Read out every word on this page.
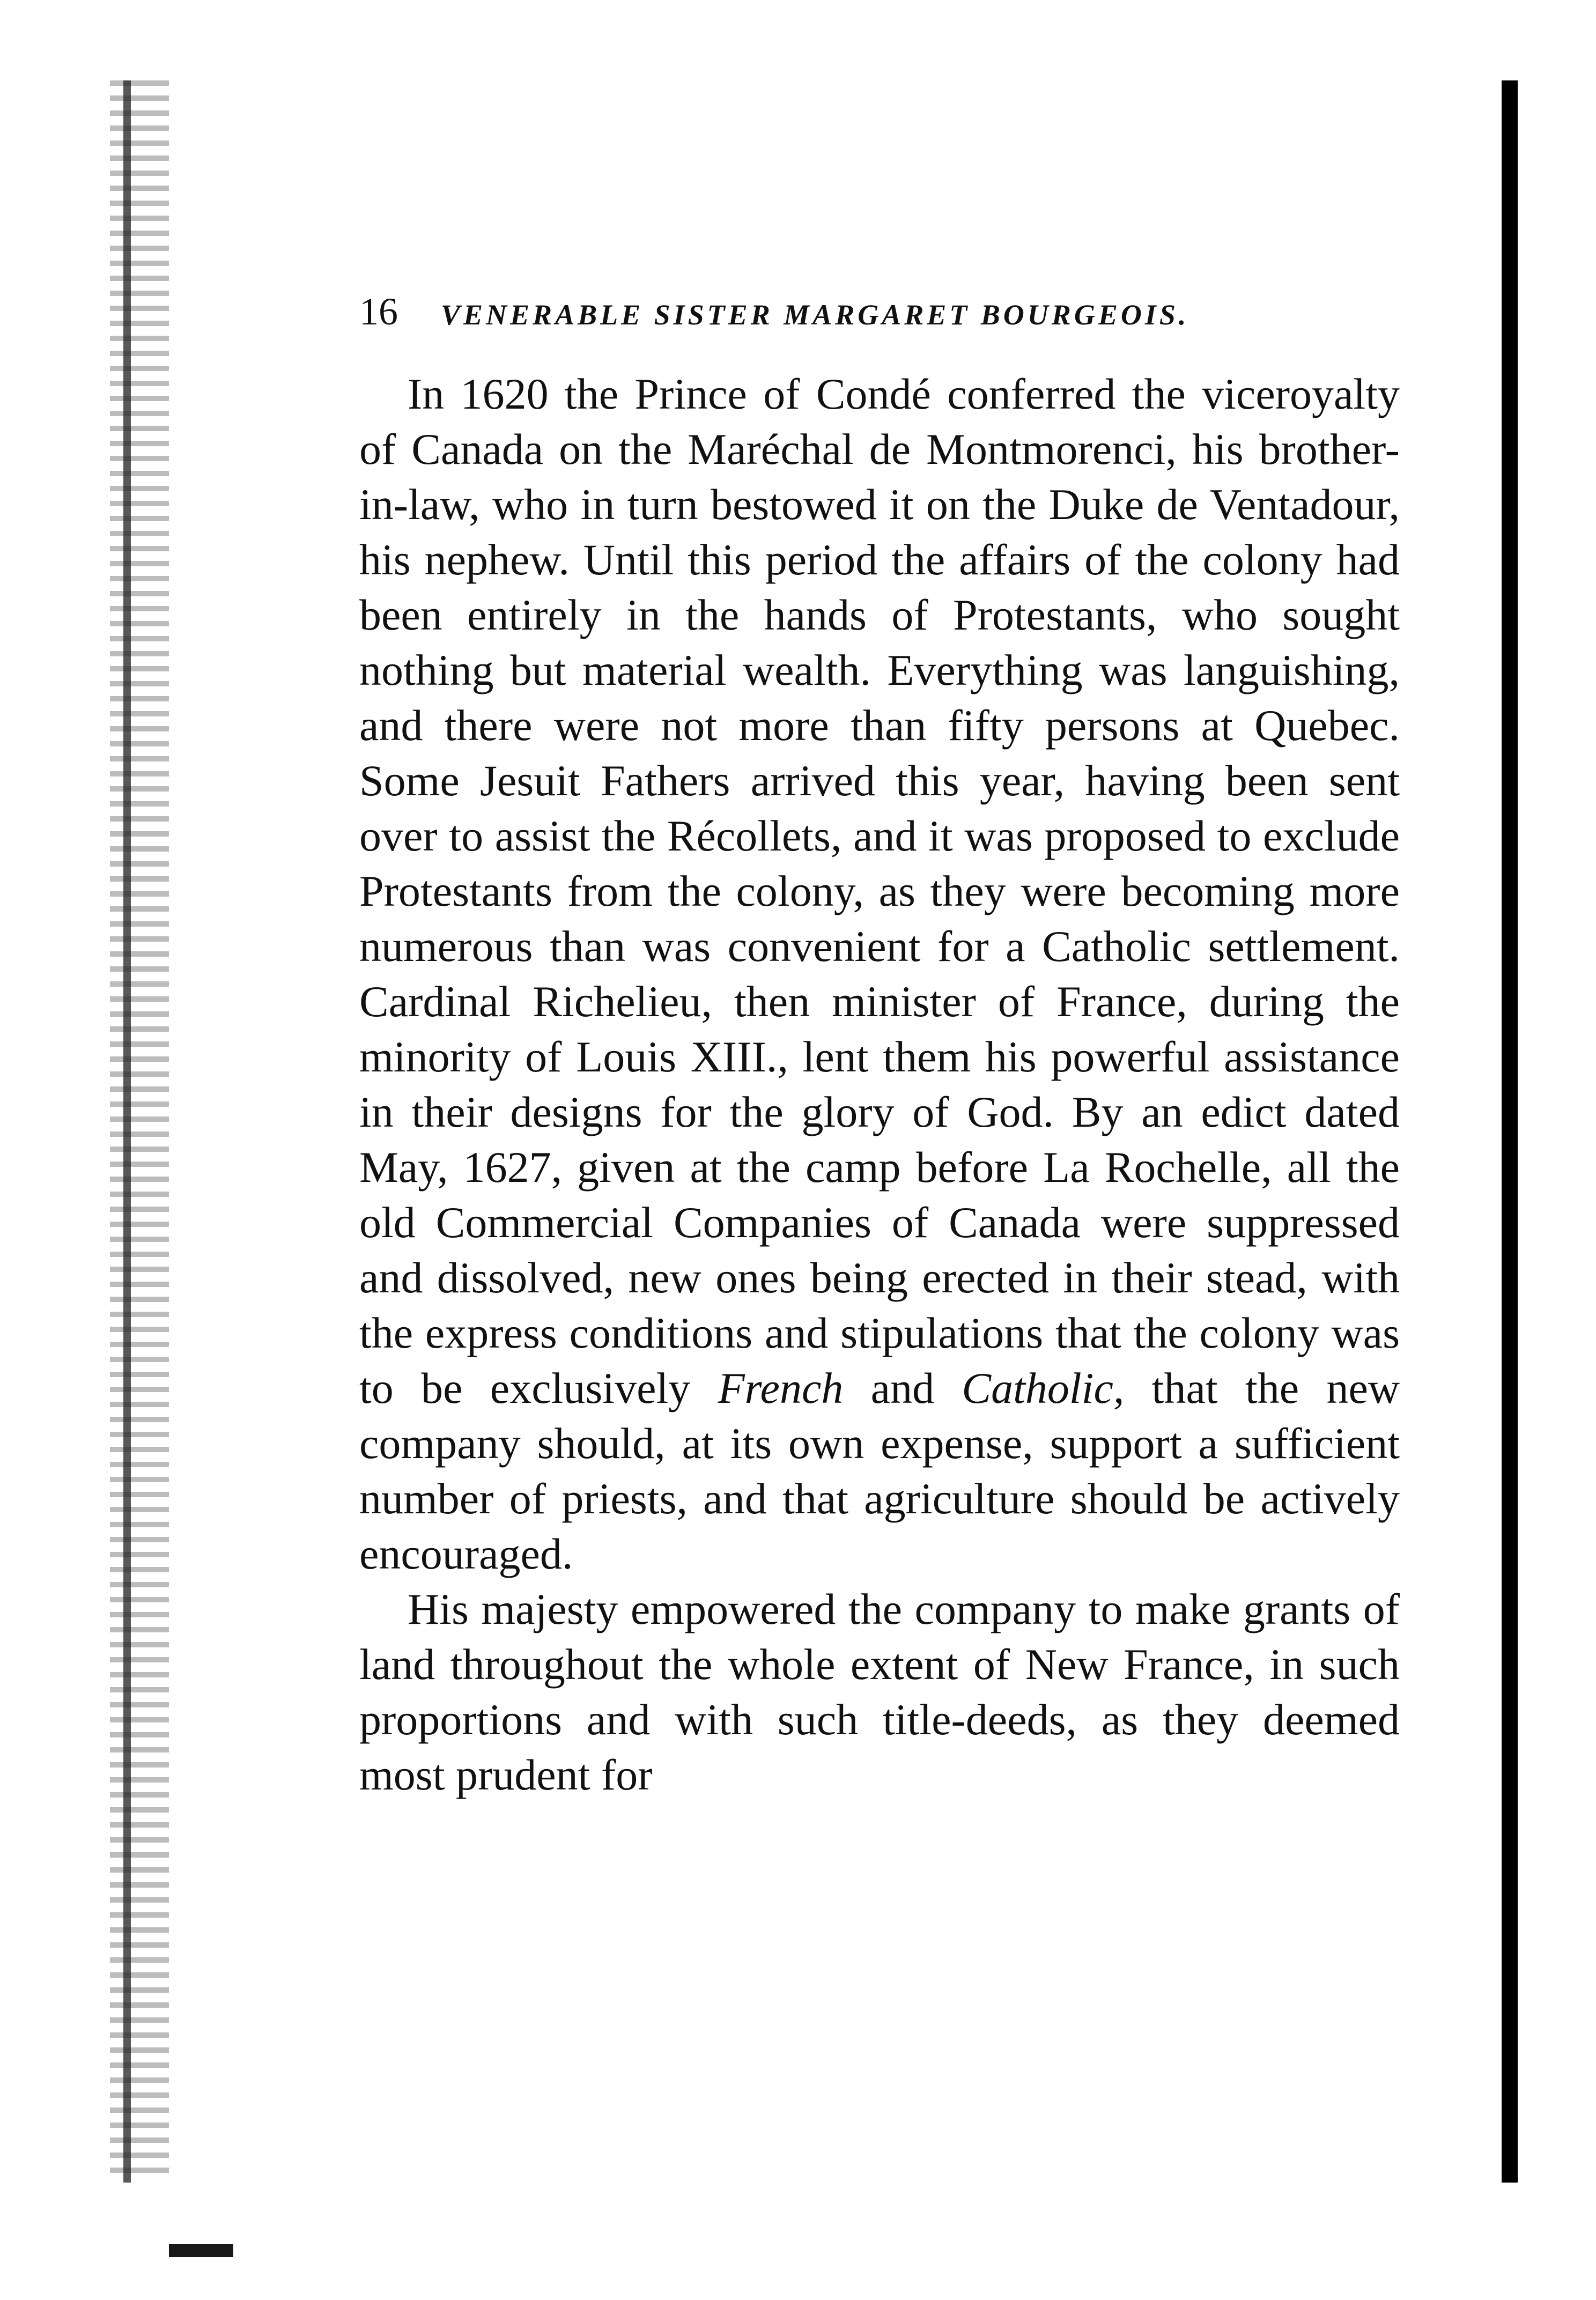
16 VENERABLE SISTER MARGARET BOURGEOIS.

In 1620 the Prince of Condé conferred the viceroyalty of Canada on the Maréchal de Montmorenci, his brother-in-law, who in turn bestowed it on the Duke de Ventadour, his nephew. Until this period the affairs of the colony had been entirely in the hands of Protestants, who sought nothing but material wealth. Everything was languishing, and there were not more than fifty persons at Quebec. Some Jesuit Fathers arrived this year, having been sent over to assist the Récollets, and it was proposed to exclude Protestants from the colony, as they were becoming more numerous than was convenient for a Catholic settlement. Cardinal Richelieu, then minister of France, during the minority of Louis XIII., lent them his powerful assistance in their designs for the glory of God. By an edict dated May, 1627, given at the camp before La Rochelle, all the old Commercial Companies of Canada were suppressed and dissolved, new ones being erected in their stead, with the express conditions and stipulations that the colony was to be exclusively French and Catholic, that the new company should, at its own expense, support a sufficient number of priests, and that agriculture should be actively encouraged.

His majesty empowered the company to make grants of land throughout the whole extent of New France, in such proportions and with such title-deeds, as they deemed most prudent for
